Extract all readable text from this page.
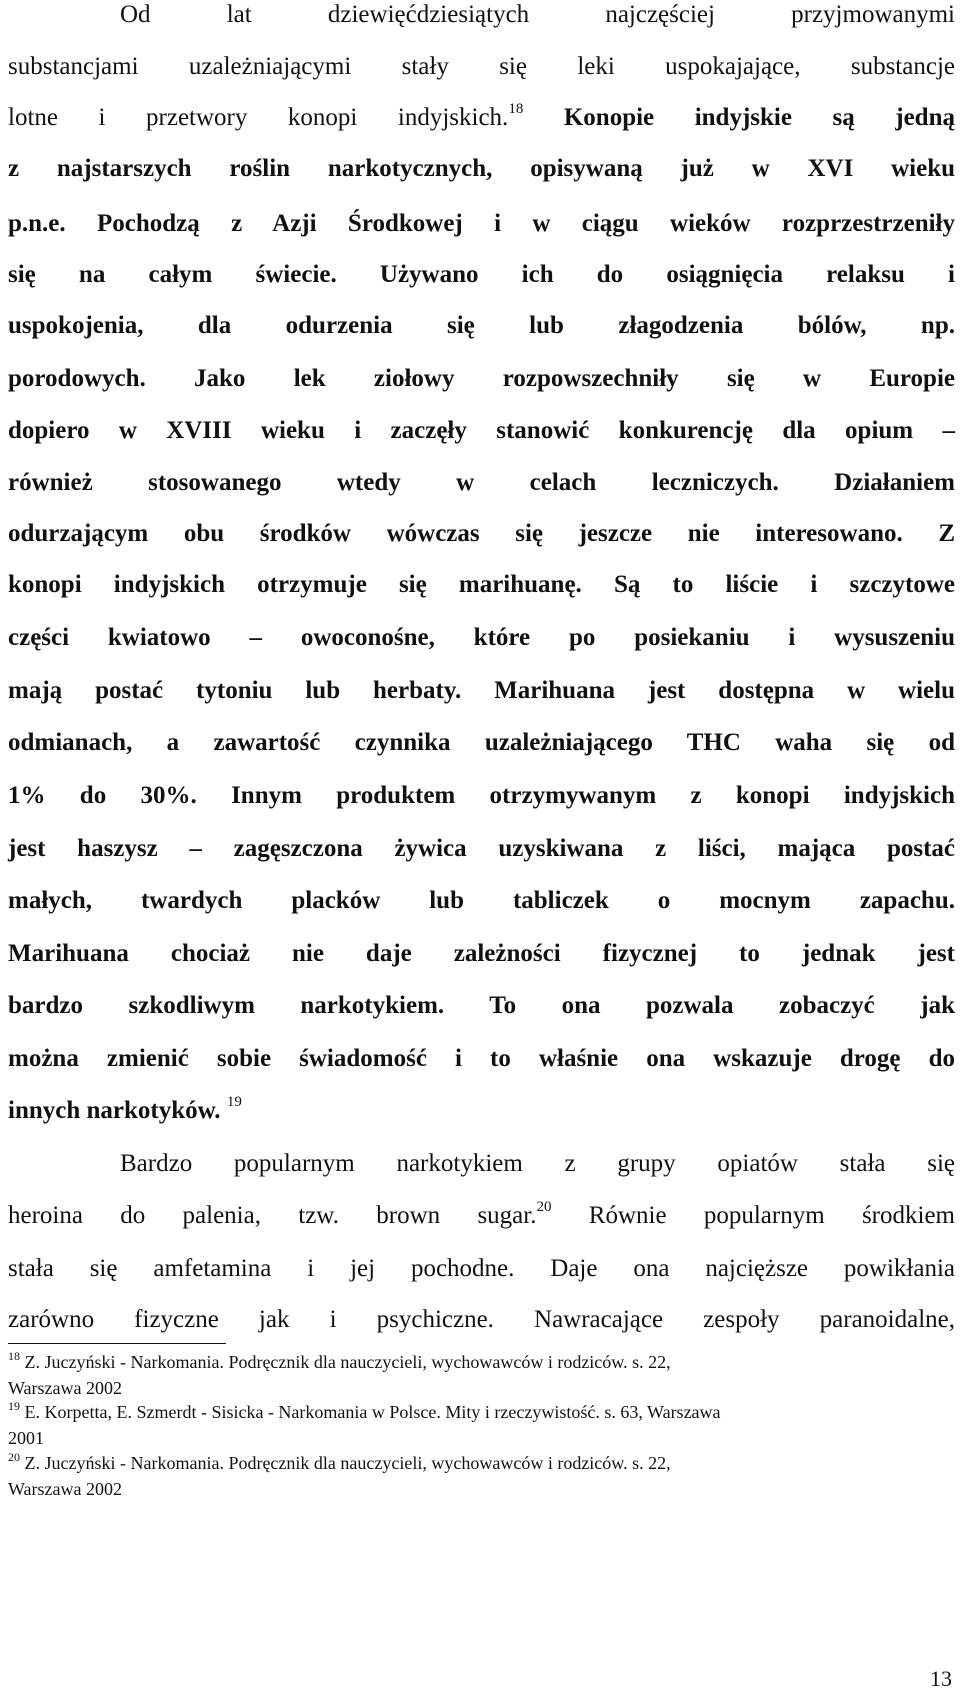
Od lat dziewięćdziesiątych najczęściej przyjmowanymi
substancjami uzależniającymi stały się leki uspokajające, substancje
lotne i przetwory konopi indyjskich.$^{18}$ Konopie indyjskie są jedną
z najstarszych roślin narkotycznych, opisywaną już w XVI wieku
p.n.e. Pochodzą z Azji Środkowej i w ciągu wieków rozprzestrzeniły
się na całym świecie. Używano ich do osiągnięcia relaksu i
uspokojenia, dla odurzenia się lub złagodzenia bólów, np.
porodowych. Jako lek ziołowy rozpowszechniły się w Europie
dopiero w XVIII wieku i zaczęły stanowić konkurencję dla opium –
również stosowanego wtedy w celach leczniczych. Działaniem
odurzającym obu środków wówczas się jeszcze nie interesowano. Z
konopi indyjskich otrzymuje się marihuanę. Są to liście i szczytowe
części kwiatowo – owoconośne, które po posiekaniu i wysuszeniu
mają postać tytoniu lub herbaty. Marihuana jest dostępna w wielu
odmianach, a zawartość czynnika uzależniającego THC waha się od
1% do 30%. Innym produktem otrzymywanym z konopi indyjskich
jest haszysz – zagęszczona żywica uzyskiwana z liści, mająca postać
małych, twardych placków lub tabliczek o mocnym zapachu.
Marihuana chociaż nie daje zależności fizycznej to jednak jest
bardzo szkodliwym narkotykiem. To ona pozwala zobaczyć jak
można zmienić sobie świadomość i to właśnie ona wskazuje drogę do
innych narkotyków. $^{19}$
Bardzo popularnym narkotykiem z grupy opiatów stała się
heroina do palenia, tzw. brown sugar.$^{20}$ Równie popularnym środkiem
stała się amfetamina i jej pochodne. Daje ona najcięższe powikłania
zarówno fizyczne jak i psychiczne. Nawracające zespoły paranoidalne,
$^{18}$ Z. Juczyński - Narkomania. Podręcznik dla nauczycieli, wychowawców i rodziców. s. 22,
Warszawa 2002
$^{19}$ E. Korpetta, E. Szmerdt - Sisicka - Narkomania w Polsce. Mity i rzeczywistość. s. 63, Warszawa
2001
$^{20}$ Z. Juczyński - Narkomania. Podręcznik dla nauczycieli, wychowawców i rodziców. s. 22,
Warszawa 2002
13
